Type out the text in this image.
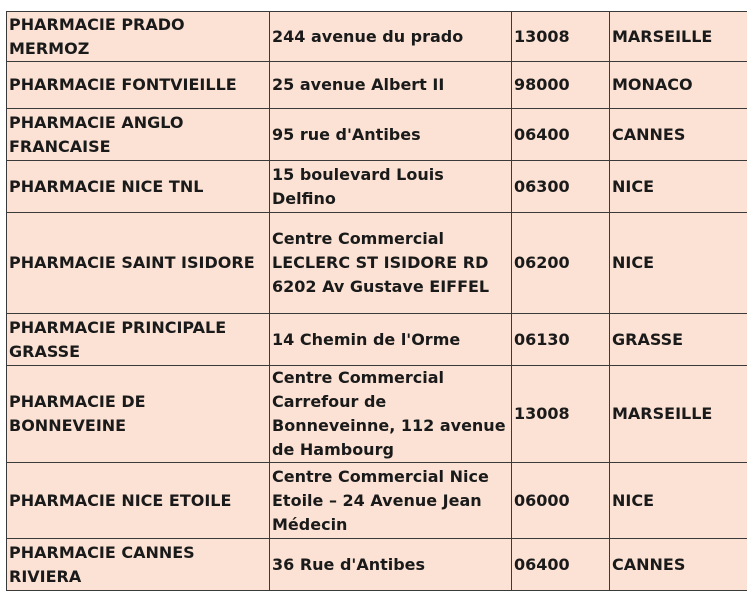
PHARMACIE PRADO MERMOZ	244 avenue du prado	13008	MARSEILLE
PHARMACIE FONTVIEILLE	25 avenue Albert II	98000	MONACO
PHARMACIE ANGLO FRANCAISE	95 rue d'Antibes	06400	CANNES
PHARMACIE NICE TNL	15 boulevard Louis Delfino	06300	NICE
PHARMACIE SAINT ISIDORE	Centre Commercial LECLERC ST ISIDORE RD 6202 Av Gustave EIFFEL	06200	NICE
PHARMACIE PRINCIPALE GRASSE	14 Chemin de l'Orme	06130	GRASSE
PHARMACIE DE BONNEVEINE	Centre Commercial Carrefour de Bonneveinne, 112 avenue de Hambourg	13008	MARSEILLE
PHARMACIE NICE ETOILE	Centre Commercial Nice Etoile – 24 Avenue Jean Médecin	06000	NICE
PHARMACIE CANNES RIVIERA	36 Rue d'Antibes	06400	CANNES
